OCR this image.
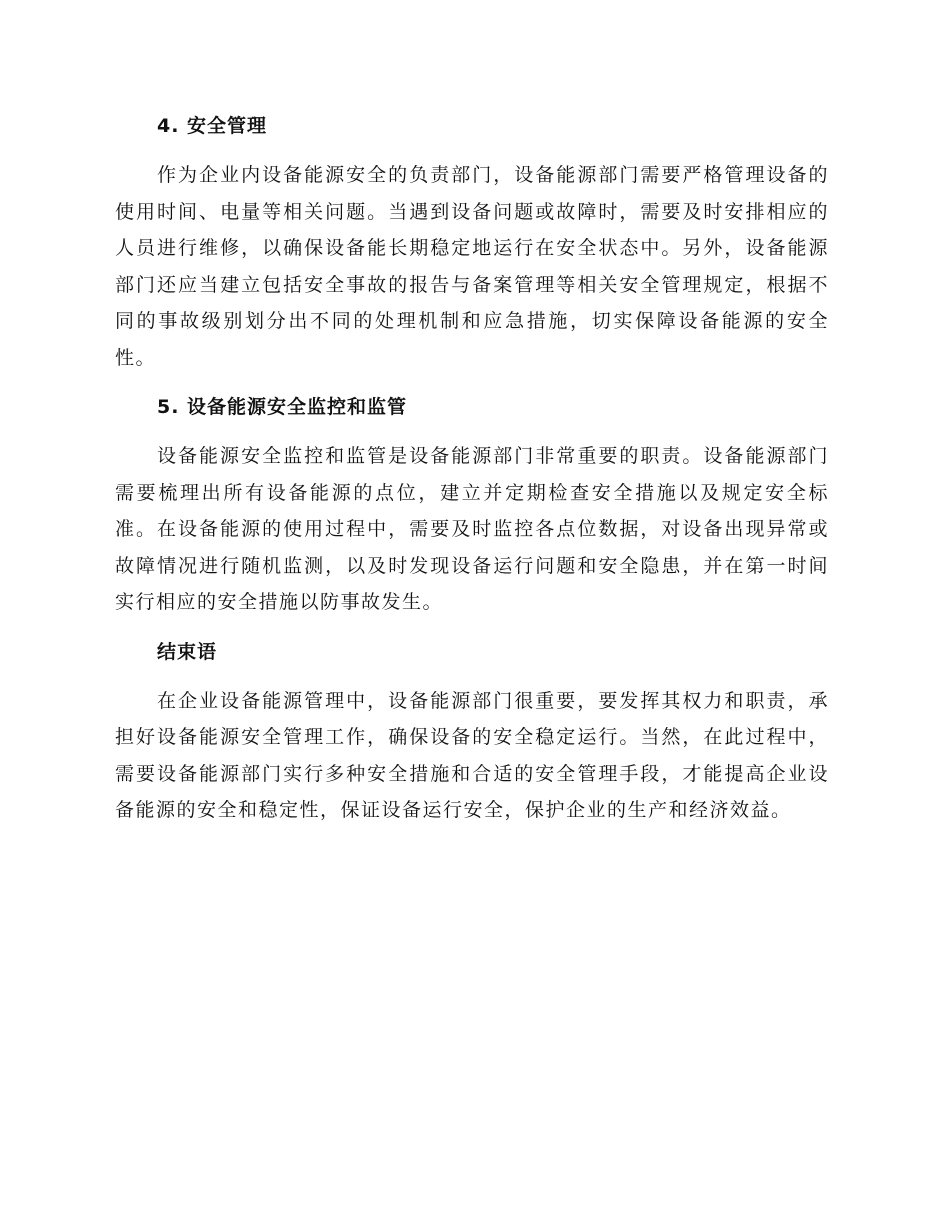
4. 安全管理

作为企业内设备能源安全的负责部门，设备能源部门需要严格管理设备的使用时间、电量等相关问题。当遇到设备问题或故障时，需要及时安排相应的人员进行维修，以确保设备能长期稳定地运行在安全状态中。另外，设备能源部门还应当建立包括安全事故的报告与备案管理等相关安全管理规定，根据不同的事故级别划分出不同的处理机制和应急措施，切实保障设备能源的安全性。

5. 设备能源安全监控和监管

设备能源安全监控和监管是设备能源部门非常重要的职责。设备能源部门需要梳理出所有设备能源的点位，建立并定期检查安全措施以及规定安全标准。在设备能源的使用过程中，需要及时监控各点位数据，对设备出现异常或故障情况进行随机监测，以及时发现设备运行问题和安全隐患，并在第一时间实行相应的安全措施以防事故发生。

结束语

在企业设备能源管理中，设备能源部门很重要，要发挥其权力和职责，承担好设备能源安全管理工作，确保设备的安全稳定运行。当然，在此过程中，需要设备能源部门实行多种安全措施和合适的安全管理手段，才能提高企业设备能源的安全和稳定性，保证设备运行安全，保护企业的生产和经济效益。
